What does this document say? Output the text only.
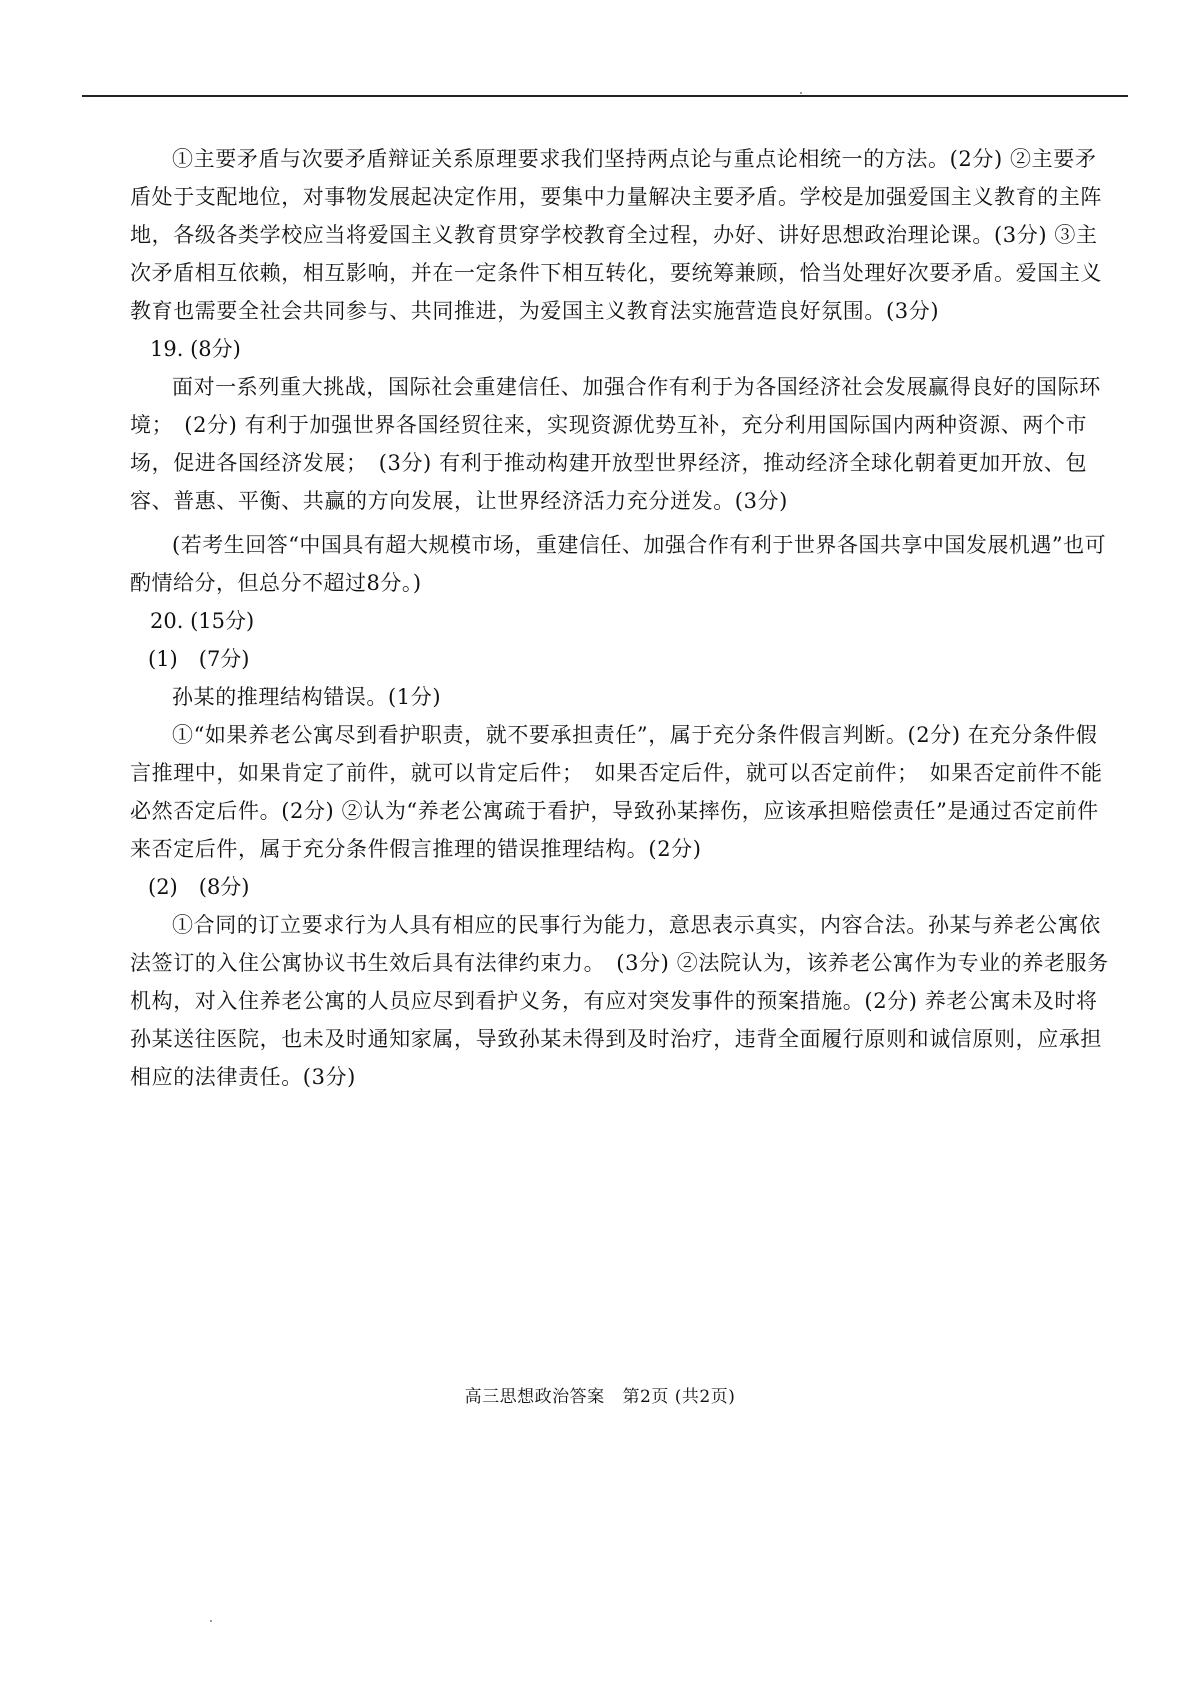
①主要矛盾与次要矛盾辩证关系原理要求我们坚持两点论与重点论相统一的方法。(2分) ②主要矛盾处于支配地位，对事物发展起决定作用，要集中力量解决主要矛盾。学校是加强爱国主义教育的主阵地，各级各类学校应当将爱国主义教育贯穿学校教育全过程，办好、讲好思想政治理论课。(3分) ③主次矛盾相互依赖，相互影响，并在一定条件下相互转化，要统筹兼顾，恰当处理好次要矛盾。爱国主义教育也需要全社会共同参与、共同推进，为爱国主义教育法实施营造良好氛围。(3分)

19. (8分)

面对一系列重大挑战，国际社会重建信任、加强合作有利于为各国经济社会发展赢得良好的国际环境；　(2分) 有利于加强世界各国经贸往来，实现资源优势互补，充分利用国际国内两种资源、两个市场，促进各国经济发展；　(3分) 有利于推动构建开放型世界经济，推动经济全球化朝着更加开放、包容、普惠、平衡、共赢的方向发展，让世界经济活力充分迸发。(3分)

(若考生回答“中国具有超大规模市场，重建信任、加强合作有利于世界各国共享中国发展机遇”也可酌情给分，但总分不超过8分。)

20. (15分)

(1)　(7分)

孙某的推理结构错误。(1分)

①“如果养老公寓尽到看护职责，就不要承担责任”，属于充分条件假言判断。(2分) 在充分条件假言推理中，如果肯定了前件，就可以肯定后件；　如果否定后件，就可以否定前件；　如果否定前件不能必然否定后件。(2分) ②认为“养老公寓疏于看护，导致孙某摔伤，应该承担赔偿责任”是通过否定前件来否定后件，属于充分条件假言推理的错误推理结构。(2分)

(2)　(8分)

①合同的订立要求行为人具有相应的民事行为能力，意思表示真实，内容合法。孙某与养老公寓依法签订的入住公寓协议书生效后具有法律约束力。　(3分) ②法院认为，该养老公寓作为专业的养老服务机构，对入住养老公寓的人员应尽到看护义务，有应对突发事件的预案措施。(2分) 养老公寓未及时将孙某送往医院，也未及时通知家属，导致孙某未得到及时治疗，违背全面履行原则和诚信原则，应承担相应的法律责任。(3分)

高三思想政治答案 第2页 (共2页)
